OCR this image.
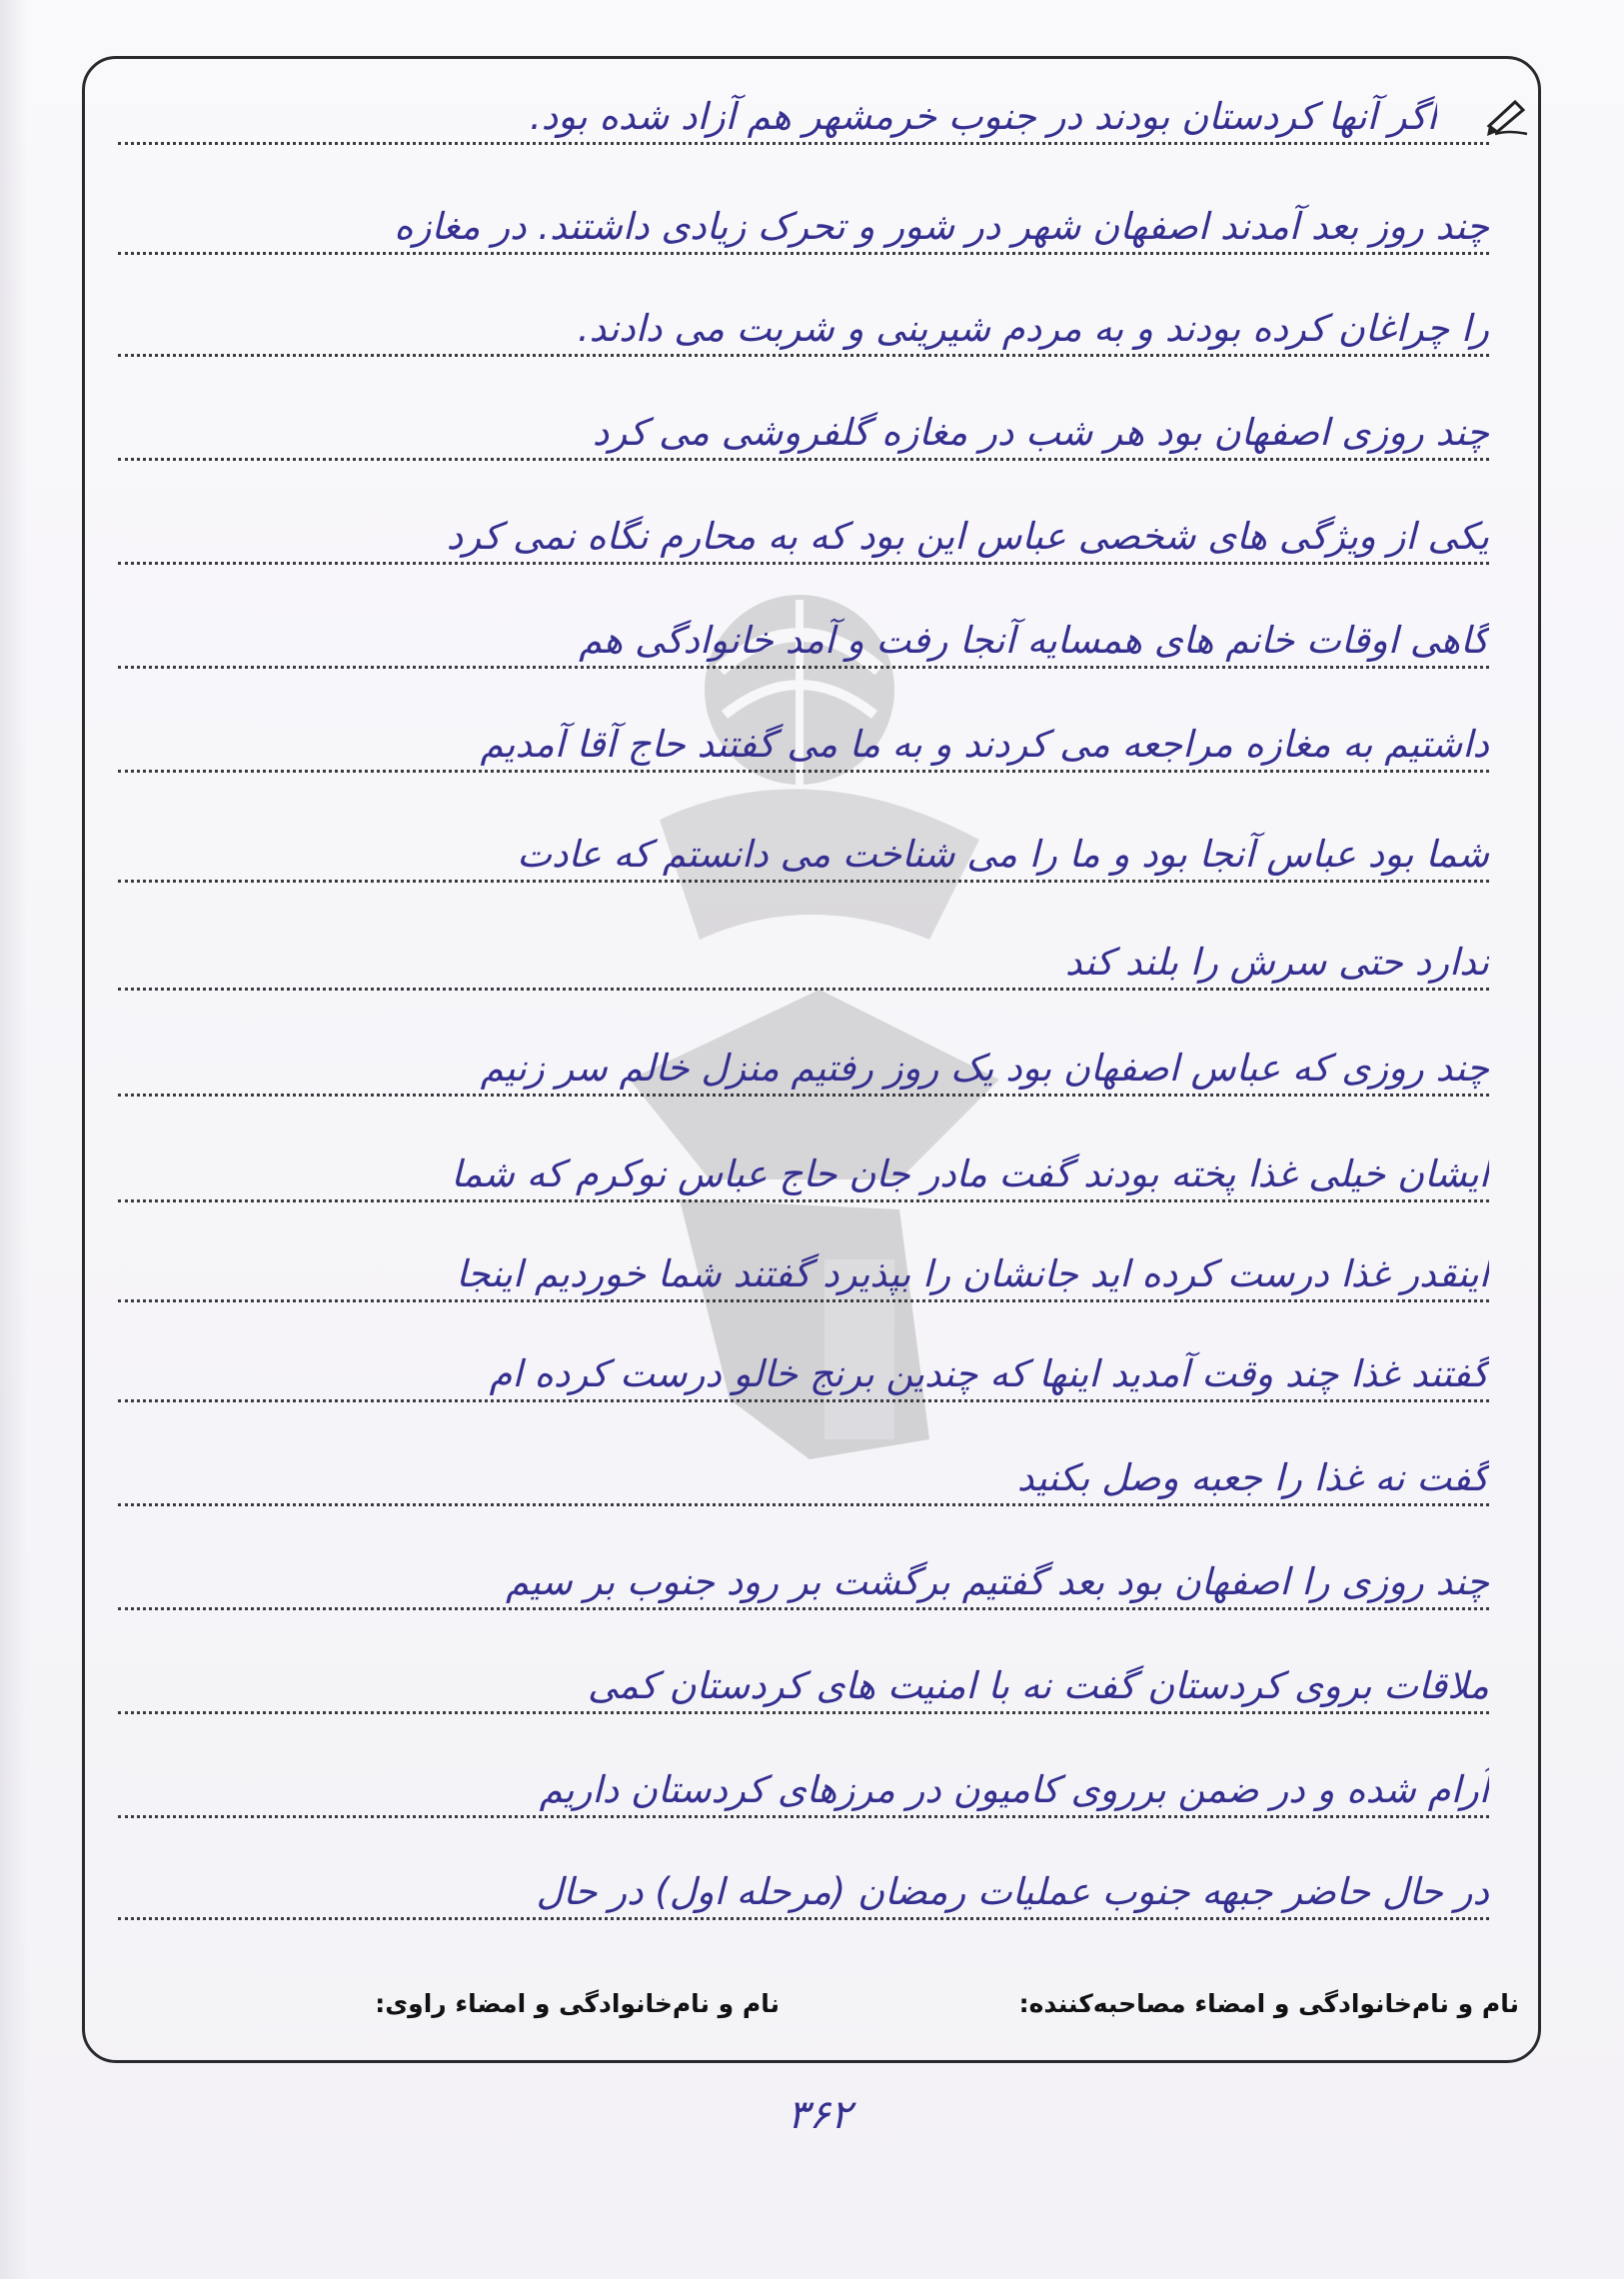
اگر آنها کردستان بودند در جنوب خرمشهر هم آزاد شده بود.
چند روز بعد آمدند اصفهان شهر در شور و تحرک زیادی داشتند. در مغازه
را چراغان کرده بودند و به مردم شیرینی و شربت می دادند.
چند روزی اصفهان بود هر شب در مغازه گلفروشی می کرد
یکی از ویژگی های شخصی عباس این بود که به محارم نگاه نمی کرد
گاهی اوقات خانم های همسایه آنجا رفت و آمد خانوادگی هم
داشتیم به مغازه مراجعه می کردند و به ما می گفتند حاج آقا آمدیم
شما بود عباس آنجا بود و ما را می شناخت می دانستم که عادت
ندارد حتی سرش را بلند کند
چند روزی که عباس اصفهان بود یک روز رفتیم منزل خالم سر زنیم
ایشان خیلی غذا پخته بودند گفت مادر جان حاج عباس نوکرم که شما
اینقدر غذا درست کرده اید جانشان را بپذیرد گفتند شما خوردیم اینجا
گفتند غذا چند وقت آمدید اینها که چندین برنج خالو درست کرده ام
گفت نه غذا را جعبه وصل بکنید
چند روزی را اصفهان بود بعد گفتیم برگشت بر رود جنوب بر سیم
ملاقات بروی کردستان گفت نه با امنیت های کردستان کمی
آرام شده و در ضمن برروی کامیون در مرزهای کردستان داریم
در حال حاضر جبهه جنوب عملیات رمضان (مرحله اول) در حال
نام و نام‌خانوادگی و امضاء مصاحبه‌کننده:
نام و نام‌خانوادگی و امضاء راوی:
۳۶۲
